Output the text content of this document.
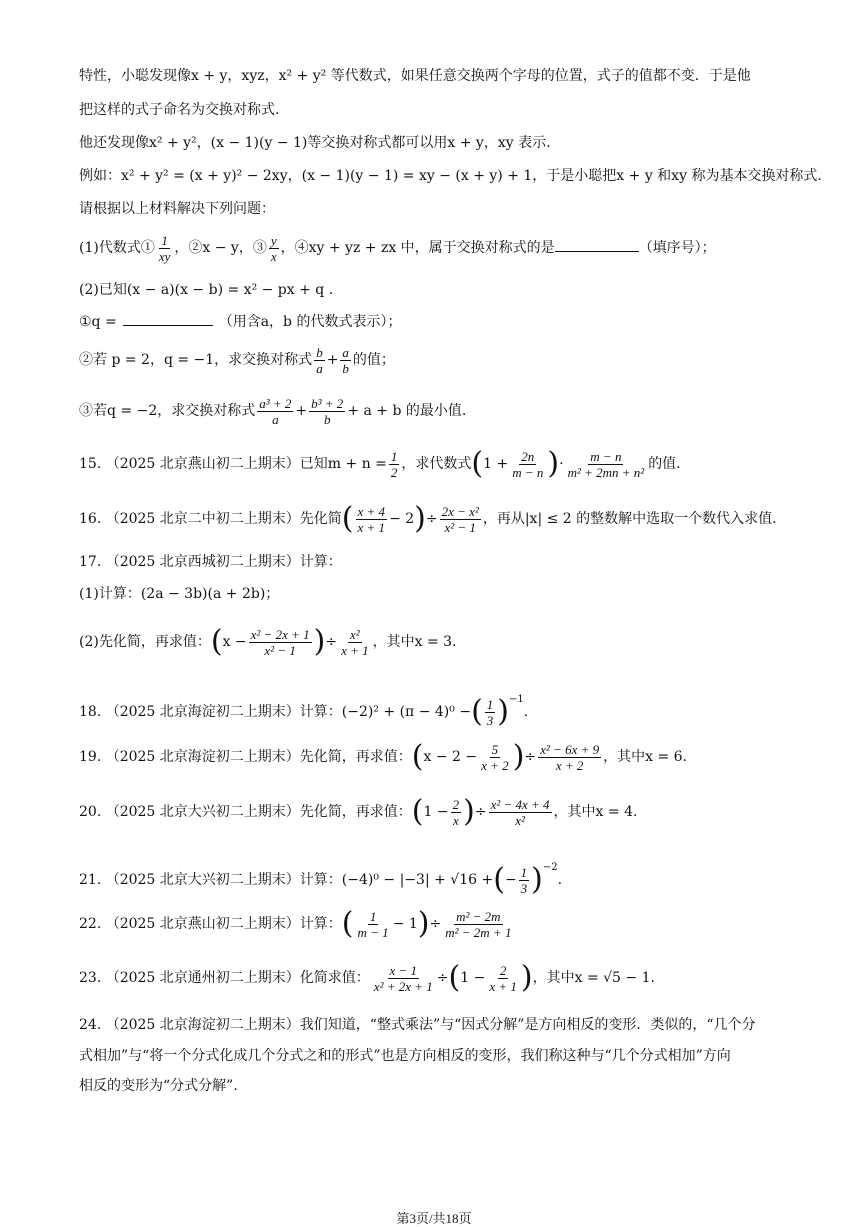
特性，小聪发现像x + y，xyz，x² + y² 等代数式，如果任意交换两个字母的位置，式子的值都不变．于是他
把这样的式子命名为交换对称式.
他还发现像x² + y²，(x − 1)(y − 1)等交换对称式都可以用x + y，xy 表示.
例如：x² + y² = (x + y)² − 2xy，(x − 1)(y − 1) = xy − (x + y) + 1，于是小聪把x + y 和xy 称为基本交换对称式.
请根据以上材料解决下列问题：
(1)代数式① $\frac{1}{xy}$ ，②x − y，③ $\frac{y}{x}$ ，④xy + yz + zx 中，属于交换对称式的是	（填序号）；
(2)已知(x − a)(x − b) = x² − px + q .
①q =	（用含a，b 的代数式表示）；
②若 p = 2，q = −1，求交换对称式 $\frac{b}{a} + \frac{a}{b}$ 的值；
③若q = −2，求交换对称式 $\frac{\text{a³ + 2}}{a} + \frac{\text{b³ + 2}}{b} + a + b$ 的最小值.
15. （2025 北京燕山初二上期末）已知$m + n = \frac{1}{2}$ ，求代数式($1 + \frac{2n}{m - n}$ )· $\frac{m - n}{\text{m² + 2mn + n²}}$ 的值.
16. （2025 北京二中初二上期末）先化简( $\frac{x + 4}{x + 1} - 2)\div \frac{\text{2x − x²}}{\text{x² − 1}}$ ，再从|x| ≤ 2 的整数解中选取一个数代入求值.
17. （2025 北京西城初二上期末）计算：
(1)计算：(2a − 3b)(a + 2b)；
(2)先化简，再求值：($x - \frac{\text{x² − 2x + 1}}{\text{x² − 1}}$ )÷ $\frac{\text{x²}}{x + 1}$ ，其中x = 3.
18. （2025 北京海淀初二上期末）计算：(−2)² + (π − 4)⁰ −( $\frac{1}{3} )^{-1}$.
19. （2025 北京海淀初二上期末）先化简，再求值：($x - 2 - \frac{5}{x + 2}$ )÷ $\frac{\text{x² − 6x + 9}}{x + 2}$ ，其中x = 6.
20. （2025 北京大兴初二上期末）先化简，再求值：($1 - \frac{2}{x}$ )÷ $\frac{\text{x² − 4x + 4}}{\text{x²}}$ ，其中x = 4.
21. （2025 北京大兴初二上期末）计算：(−4)⁰ − |−3| + √16 +(− $\frac{1}{3} )^{-2}$.
22. （2025 北京燕山初二上期末）计算：( $\frac{1}{m - 1} - 1)\div \frac{\text{m² − 2m}}{\text{m² − 2m + 1}}$
23. （2025 北京通州初二上期末）化简求值： $\frac{x - 1}{\text{x² + 2x + 1}} \div(1 - \frac{2}{x + 1}$ )，其中x = √5 − 1.
24. （2025 北京海淀初二上期末）我们知道，“整式乘法”与“因式分解”是方向相反的变形．类似的，“几个分
式相加”与“将一个分式化成几个分式之和的形式”也是方向相反的变形，我们称这种与“几个分式相加”方向
相反的变形为“分式分解”.
第3页/共18页
